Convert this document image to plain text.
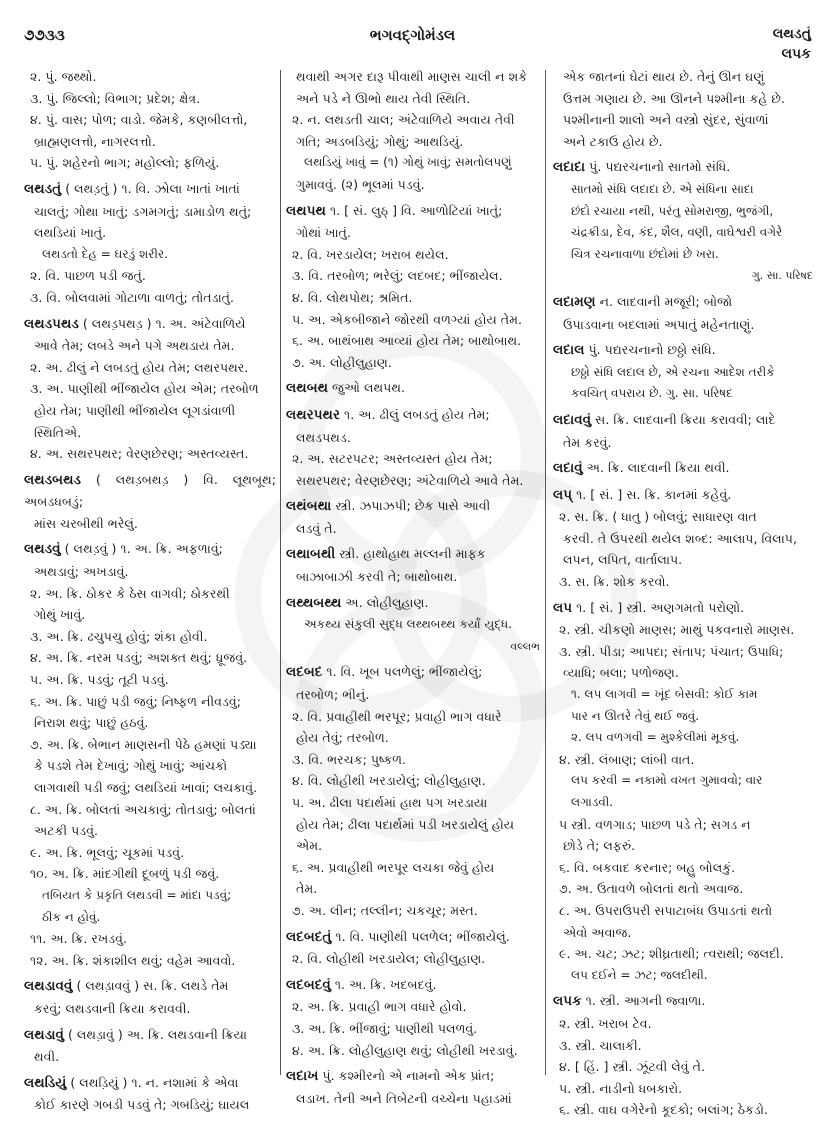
૭૭૩૩	ભગવદ્ગોમંડલ	લથડતું
લપક
૨. પું. જથ્થો.
૩. પું. જિલ્લો; વિભાગ; પ્રદેશ; ક્ષેત્ર.
૪. પું. વાસ; પોળ; વાડો. જેમકે, કણબીલત્તો,
બ્રાહ્મણલત્તો, નાગરલત્તો.
૫. પું. શહેરનો ભાગ; મહોલ્લો; ફળિયું.
લથડતું ( લથડ઼તું ) ૧. વિ. ઝોલા ખાતાં ખાતાં
ચાલતું; ગોથા ખાતું; ડગમગતું; ડામાડોળ થતું;
લથડિયાં ખાતું.
લથડતો દેહ = ઘરડું શરીર.
૨. વિ. પાછળ પડી જતું.
૩. વિ. બોલવામાં ગોટાળા વાળતું; તોતડાતું.
લથડપથડ ( લથડ઼પથડ઼ ) ૧. અ. અંટેવાળિયે
આવે તેમ; લબડે અને પગે અથડાય તેમ.
૨. અ. ઢીલું ને લબડતું હોય તેમ; લથરપથર.
૩. અ. પાણીથી ભીંજાયેલ હોય એમ; તરબોળ
હોય તેમ; પાણીથી ભીંજાયેલ લૂગડાંવાળી
સ્થિતિએ.
૪. અ. સથરપથર; વેરણછેરણ; અસ્તવ્યસ્ત.
લથડબથડ ( લથડ઼બથડ઼ ) વિ. લૂથબૂથ; અબડધબડું;
માંસ ચરબીથી ભરેલું.
લથડવું ( લથડ઼વું ) ૧. અ. ક્રિ. અફળાવું;
અથડાવું; અખડાવું.
૨. અ. ક્રિ. ઠોકર કે ઠેસ વાગવી; ઠોકરથી
ગોથું ખાવું.
૩. અ. ક્રિ. ઢચુપચુ હોવું; શંકા હોવી.
૪. અ. ક્રિ. નરમ પડવું; અશક્ત થવું; ધ્રૂજવું.
૫. અ. ક્રિ. પડવું; તૂટી પડવું.
૬. અ. ક્રિ. પાછું પડી જવું; નિષ્ફળ નીવડવું;
નિરાશ થવું; પાછું હઠવું.
૭. અ. ક્રિ. બેભાન માણસની પેઠે હમણાં પડ્યા
કે પડશે તેમ દેખાવું; ગોથું ખાવું; આંચકો
લાગવાથી પડી જવું; લથડિયાં ખાવાં; લચકાવું.
૮. અ. ક્રિ. બોલતાં અચકાવું; તોતડાવું; બોલતાં
અટકી પડવું.
૯. અ. ક્રિ. ભૂલવું; ચૂકમાં પડવું.
૧૦. અ. ક્રિ. માંદગીથી દૂબળું પડી જવું.
તબિયત કે પ્રકૃતિ લથડવી = માંદા પડવું;
ઠીક ન હોવું.
૧૧. અ. ક્રિ. રખડવું.
૧૨. અ. ક્રિ. શંકાશીલ થવું; વહેમ આવવો.
લથડાવવું ( લથડ઼ાવવું ) સ. ક્રિ. લથડે તેમ
કરવું; લથડવાની ક્રિયા કરાવવી.
લથડાવું ( લથડ઼ાવું ) અ. ક્રિ. લથડવાની ક્રિયા
થવી.
લથડિયું ( લથડ઼િયું ) ૧. ન. નશામાં કે એવા
કોઈ કારણે ગબડી પડવું તે; ગબડિયું; ઘાયલ
થવાથી અગર દારૂ પીવાથી માણસ ચાલી ન શકે
અને પડે ને ઊભો થાય તેવી સ્થિતિ.
૨. ન. લથડતી ચાલ; અંટેવાળિયે અવાય તેવી
ગતિ; અડબડિયું; ગોથું; આથડિયું.
લથડિયું ખાવું = (૧) ગોથું ખાવું; સમતોલપણું
ગુમાવવું. (૨) ભૂલમાં પડવું.
લથપથ ૧. [ સં. લુઠ્ ] વિ. આળોટિયાં ખાતું;
ગોથાં ખાતું.
૨. વિ. ખરડાયેલ; ખરાબ થયેલ.
૩. વિ. તરબોળ; ભરેલું; લદબદ; ભીંજાયેલ.
૪. વિ. લોથપોથ; શ્રમિત.
૫. અ. એકબીજાને જોરથી વળગ્યાં હોય તેમ.
૬. અ. બાથંબાથ આવ્યાં હોય તેમ; બાથોબાથ.
૭. અ. લોહીલુહાણ.
લથબથ જુઓ લથપથ.
લથરપથર ૧. અ. ઢીલું લબડતું હોય તેમ;
લથડપથડ.
૨. અ. સટરપટર; અસ્તવ્યસ્ત હોય તેમ;
સથરપથર; વેરણછેરણ; અંટેવાળિયે આવે તેમ.
લથંબથા સ્ત્રી. ઝપાઝપી; છેક પાસે આવી
લડવું તે.
લથાબથી સ્ત્રી. હાથોહાથ મલ્લની માફક
બાઝાબાઝી કરવી તે; બાથોબાથ.
લથ્થબથ્થ અ. લોહીલુહાણ.
અકથ્ય સંકુલી સુદ્ધ લથ્થબથ્થ કર્યાં યુદ્ધ.
વલ્લભ
લદબદ ૧. વિ. ખૂબ પલળેલું; ભીંજાયેલું;
તરબોળ; ભીનું.
૨. વિ. પ્રવાહીથી ભરપૂર; પ્રવાહી ભાગ વધારે
હોય તેવું; તરબોળ.
૩. વિ. ભરચક; પુષ્કળ.
૪. વિ. લોહીથી ખરડાયેલું; લોહીલુહાણ.
૫. અ. ઢીલા પદાર્થમાં હાથ પગ ખરડાયા
હોય તેમ; ઢીલા પદાર્થમાં પડી ખરડાયેલું હોય
એમ.
૬. અ. પ્રવાહીથી ભરપૂર લચકા જેવું હોય
તેમ.
૭. અ. લીન; તલ્લીન; ચકચૂર; મસ્ત.
લદબદતું ૧. વિ. પાણીથી પલળેલ; ભીંજાયેલું.
૨. વિ. લોહીથી ખરડાયેલ; લોહીલુહાણ.
લદબદવું ૧. અ. ક્રિ. ખદબદવું.
૨. અ. ક્રિ. પ્રવાહી ભાગ વધારે હોવો.
૩. અ. ક્રિ. ભીંજાવું; પાણીથી પલળવું.
૪. અ. ક્રિ. લોહીલુહાણ થવું; લોહીથી ખરડાવું.
લદાખ પું. કશ્મીરનો એ નામનો એક પ્રાંત;
લડાખ. તેની અને તિબેટની વચ્ચેના પહાડમાં
એક જાતનાં ઘેટાં થાય છે. તેનું ઊન ઘણું
ઉત્તમ ગણાય છે. આ ઊનને પશ્મીના કહે છે.
પશ્મીનાની શાલો અને વસ્ત્રો સુંદર, સુંવાળાં
અને ટકાઉ હોય છે.
લદાદા પું. પદ્યરચનાનો સાતમો સંધિ.
સાતમો સંધિ લદાદા છે. એ સંધિના સાદા
છંદો રચાયા નથી, પરંતુ સોમરાજી, ભુજંગી,
ચંદ્રક્રીડા, દેવ, કંદ, શૈલ, વણી, વાઘેશ્વરી વગેરે
ચિત્ર રચનાવાળા છંદોમાં છે ખરા.
ગુ. સા. પરિષદ
લદામણ ન. લાદવાની મજૂરી; બોજો
ઉપાડવાના બદલામાં અપાતું મહેનતાણું.
લદાલ પું. પદ્યરચનાનો છઠ્ઠો સંધિ.
છઠ્ઠો સંધિ લદાલ છે, એ રચના આદેશ તરીકે
કવચિત્ વપરાય છે. ગુ. સા. પરિષદ
લદાવવું સ. ક્રિ. લાદવાની ક્રિયા કરાવવી; લાદે
તેમ કરવું.
લદાવું અ. ક્રિ. લાદવાની ક્રિયા થવી.
લપ્ ૧. [ સં. ] સ. ક્રિ. કાનમાં કહેવું.
૨. સ. ક્રિ. ( ધાતુ ) બોલવું; સાધારણ વાત
કરવી. તે ઉપરથી થયેલ શબ્દ: આલાપ, વિલાપ,
લપન, લપિત, વાર્તાલાપ.
૩. સ. ક્રિ. શોક કરવો.
લપ ૧. [ સં. ] સ્ત્રી. અણગમતો પરોણો.
૨. સ્ત્રી. ચીકણો માણસ; માથું પકવનારો માણસ.
૩. સ્ત્રી. પીડા; આપદા; સંતાપ; પંચાત; ઉપાધિ;
વ્યાધિ; બલા; પળોજણ.
૧. લપ લાગવી = ખૂંદ બેસવી: કોઈ કામ
પાર ન ઊતરે તેવું થઈ જવું.
૨. લપ વળગવી = મુશ્કેલીમાં મૂકવું.
૪. સ્ત્રી. લંબાણ; લાંબી વાત.
લપ કરવી = નકામો વખત ગુમાવવો; વાર
લગાડવી.
૫ સ્ત્રી. વળગાડ; પાછળ પડે તે; સગડ ન
છોડે તે; લફરું.
૬. વિ. બકવાદ કરનાર; બહુ બોલકું.
૭. અ. ઉતાવળે બોલતાં થતો અવાજ.
૮. અ. ઉપરાઉપરી સપાટાબંધ ઉપાડતાં થતો
એવો અવાજ.
૯. અ. ચટ; ઝટ; શીઘ્રતાથી; ત્વરાથી; જલદી.
લપ દઈને = ઝટ; જલદીથી.
લપક ૧. સ્ત્રી. આગની જ્વાળા.
૨. સ્ત્રી. ખરાબ ટેવ.
૩. સ્ત્રી. ચાલાકી.
૪. [ હિં. ] સ્ત્રી. ઝૂંટવી લેવું તે.
૫. સ્ત્રી. નાડીનો ધબકારો.
૬. સ્ત્રી. વાઘ વગેરેનો કૂદકો; બલાંગ; ઠેકડો.
